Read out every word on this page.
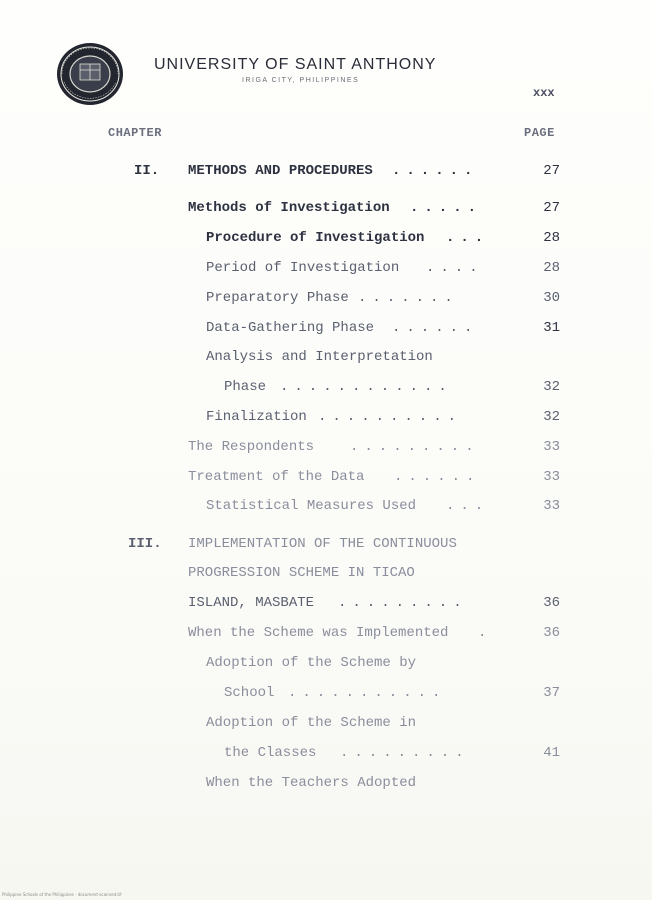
UNIVERSITY OF SAINT ANTHONY
IRIGA CITY, PHILIPPINES
xxx
CHAPTER	PAGE
II. METHODS AND PROCEDURES ......	27
Methods of Investigation .....	27
Procedure of Investigation ...	28
Period of Investigation ....	28
Preparatory Phase .......	30
Data-Gathering Phase ......	31
Analysis and Interpretation
Phase ............	32
Finalization ..........	32
The Respondents	.........	33
Treatment of the Data ......	33
Statistical Measures Used ...	33
III. IMPLEMENTATION OF THE CONTINUOUS
PROGRESSION SCHEME IN TICAO
ISLAND, MASBATE .........	36
When the Scheme was Implemented .	36
Adoption of the Scheme by
School ...........	37
Adoption of the Scheme in
the Classes .........	41
When the Teachers Adopted
Philippine Schools of the Philippines · document-scanned.tif
